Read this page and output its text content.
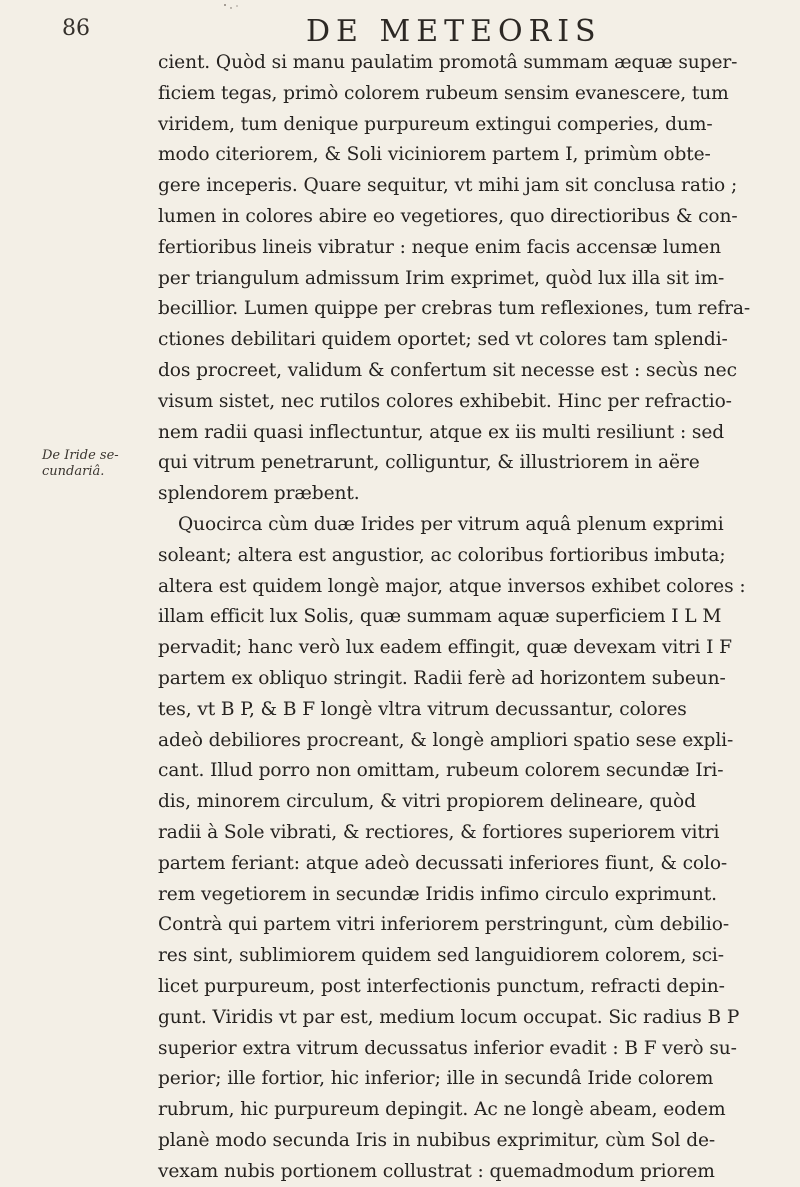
86	DE METEORIS
De Iride se-
cundariâ.
cient. Quòd si manu paulatim promotâ summam æquæ super-
ficiem tegas, primò colorem rubeum sensim evanescere, tum
viridem, tum denique purpureum extingui comperies, dum-
modo citeriorem, & Soli viciniorem partem I, primùm obte-
gere inceperis. Quare sequitur, vt mihi jam sit conclusa ratio ;
lumen in colores abire eo vegetiores, quo directioribus & con-
fertioribus lineis vibratur : neque enim facis accensæ lumen
per triangulum admissum Irim exprimet, quòd lux illa sit im-
becillior. Lumen quippe per crebras tum reflexiones, tum refra-
ctiones debilitari quidem oportet; sed vt colores tam splendi-
dos procreet, validum & confertum sit necesse est : secùs nec
visum sistet, nec rutilos colores exhibebit. Hinc per refractio-
nem radii quasi inflectuntur, atque ex iis multi resiliunt : sed
qui vitrum penetrarunt, colliguntur, & illustriorem in aëre
splendorem præbent.
Quocirca cùm duæ Irides per vitrum aquâ plenum exprimi
soleant; altera est angustior, ac coloribus fortioribus imbuta;
altera est quidem longè major, atque inversos exhibet colores :
illam efficit lux Solis, quæ summam aquæ superficiem I L M
pervadit; hanc verò lux eadem effingit, quæ devexam vitri I F
partem ex obliquo stringit. Radii ferè ad horizontem subeun-
tes, vt B P, & B F longè vltra vitrum decussantur, colores
adeò debiliores procreant, & longè ampliori spatio sese expli-
cant. Illud porro non omittam, rubeum colorem secundæ Iri-
dis, minorem circulum, & vitri propiorem delineare, quòd
radii à Sole vibrati, & rectiores, & fortiores superiorem vitri
partem feriant: atque adeò decussati inferiores fiunt, & colo-
rem vegetiorem in secundæ Iridis infimo circulo exprimunt.
Contrà qui partem vitri inferiorem perstringunt, cùm debilio-
res sint, sublimiorem quidem sed languidiorem colorem, sci-
licet purpureum, post interfectionis punctum, refracti depin-
gunt. Viridis vt par est, medium locum occupat. Sic radius B P
superior extra vitrum decussatus inferior evadit : B F verò su-
perior; ille fortior, hic inferior; ille in secundâ Iride colorem
rubrum, hic purpureum depingit. Ac ne longè abeam, eodem
planè modo secunda Iris in nubibus exprimitur, cùm Sol de-
vexam nubis portionem collustrat : quemadmodum priorem
